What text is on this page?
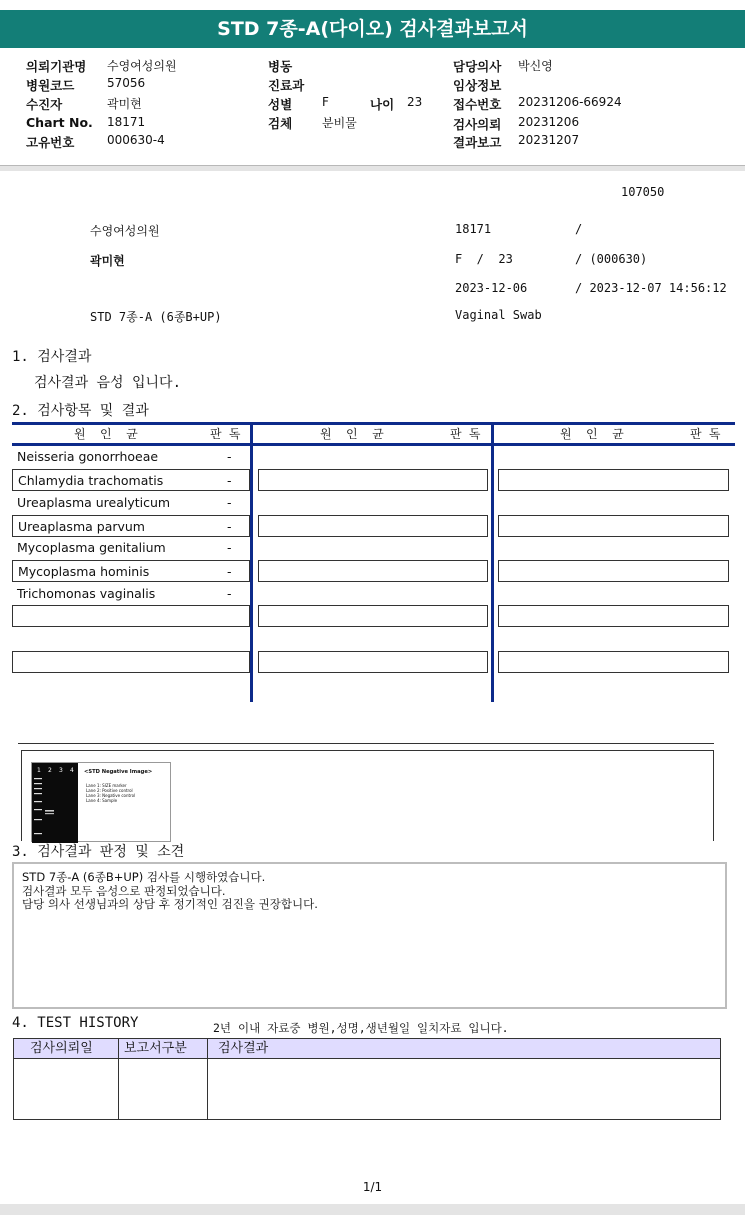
STD 7종-A(다이오) 검사결과보고서
의뢰기관명 수영여성의원
병원코드	57056
수진자	곽미현
Chart No. 18171
고유번호	000630-4
병동
진료과
성별 F	나이 23
검체 분비물
담당의사 박신영
임상정보
접수번호 20231206-66924
검사의뢰 20231206
결과보고 20231207
107050
수영여성의원	18171	/
곽미현	F  /  23	/ (000630)
2023-12-06	/ 2023-12-07 14:56:12
STD 7종-A (6종B+UP)	Vaginal Swab
1. 검사결과
검사결과 음성 입니다.
2. 검사항목 및 결과
원  인  균	판 독	원  인  균	판 독	원  인  균	판 독
Neisseria gonorrhoeae	-
Chlamydia trachomatis	-
Ureaplasma urealyticum	-
Ureaplasma parvum	-
Mycoplasma genitalium	-
Mycoplasma hominis	-
Trichomonas vaginalis	-
1 2 3 4 <STD Negative Image>
Lane 1: SIZE marker
Lane 2: Positive control
Lane 3: Negative control
Lane 4: Sample
3. 검사결과 판정 및 소견
STD 7종-A (6종B+UP) 검사를 시행하였습니다.
검사결과 모두 음성으로 판정되었습니다.
담당 의사 선생님과의 상담 후 정기적인 검진을 권장합니다.
4. TEST HISTORY	2년 이내 자료중 병원,성명,생년월일 일치자료 입니다.
검사의뢰일 보고서구분 검사결과
1/1
